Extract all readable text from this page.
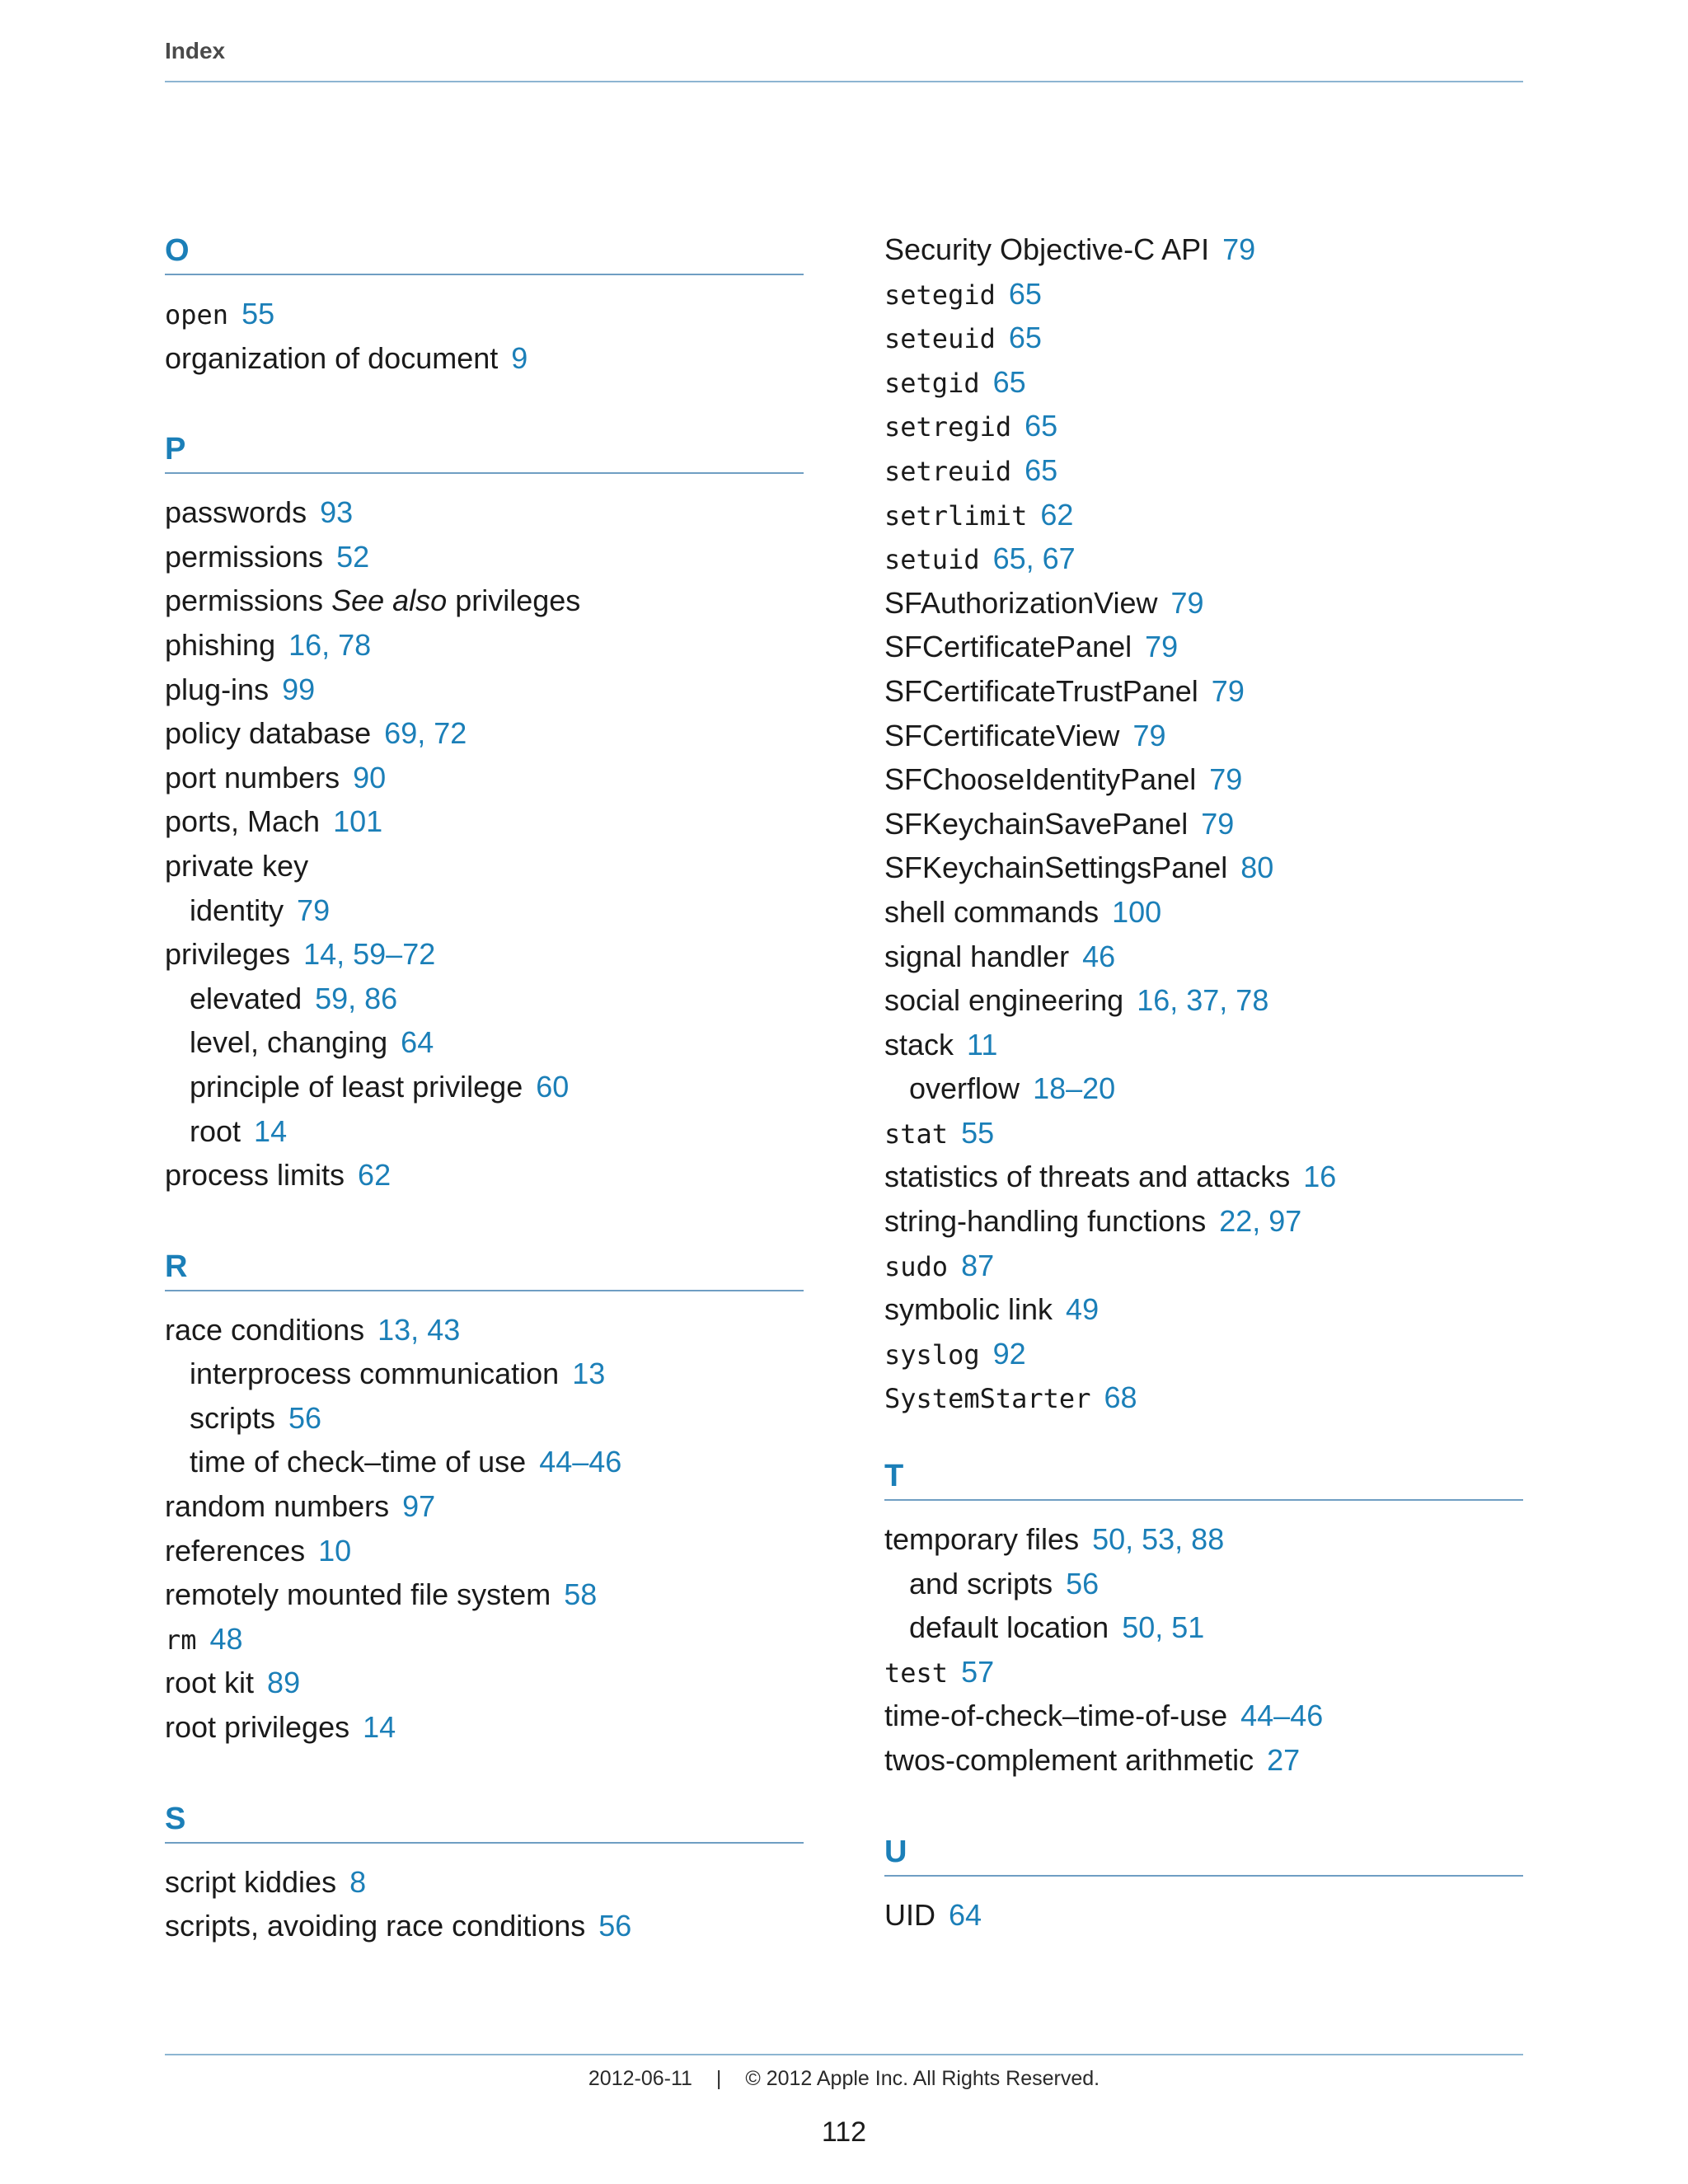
Index
O
open 55
organization of document 9
P
passwords 93
permissions 52
permissions See also privileges
phishing 16, 78
plug-ins 99
policy database 69, 72
port numbers 90
ports, Mach 101
private key
identity 79
privileges 14, 59–72
elevated 59, 86
level, changing 64
principle of least privilege 60
root 14
process limits 62
R
race conditions 13, 43
interprocess communication 13
scripts 56
time of check–time of use 44–46
random numbers 97
references 10
remotely mounted file system 58
rm 48
root kit 89
root privileges 14
S
script kiddies 8
scripts, avoiding race conditions 56
Security Objective-C API 79
setegid 65
seteuid 65
setgid 65
setregid 65
setreuid 65
setrlimit 62
setuid 65, 67
SFAuthorizationView 79
SFCertificatePanel 79
SFCertificateTrustPanel 79
SFCertificateView 79
SFChooseIdentityPanel 79
SFKeychainSavePanel 79
SFKeychainSettingsPanel 80
shell commands 100
signal handler 46
social engineering 16, 37, 78
stack 11
overflow 18–20
stat 55
statistics of threats and attacks 16
string-handling functions 22, 97
sudo 87
symbolic link 49
syslog 92
SystemStarter 68
T
temporary files 50, 53, 88
and scripts 56
default location 50, 51
test 57
time-of-check–time-of-use 44–46
twos-complement arithmetic 27
U
UID 64
2012-06-11 | © 2012 Apple Inc. All Rights Reserved.
112
